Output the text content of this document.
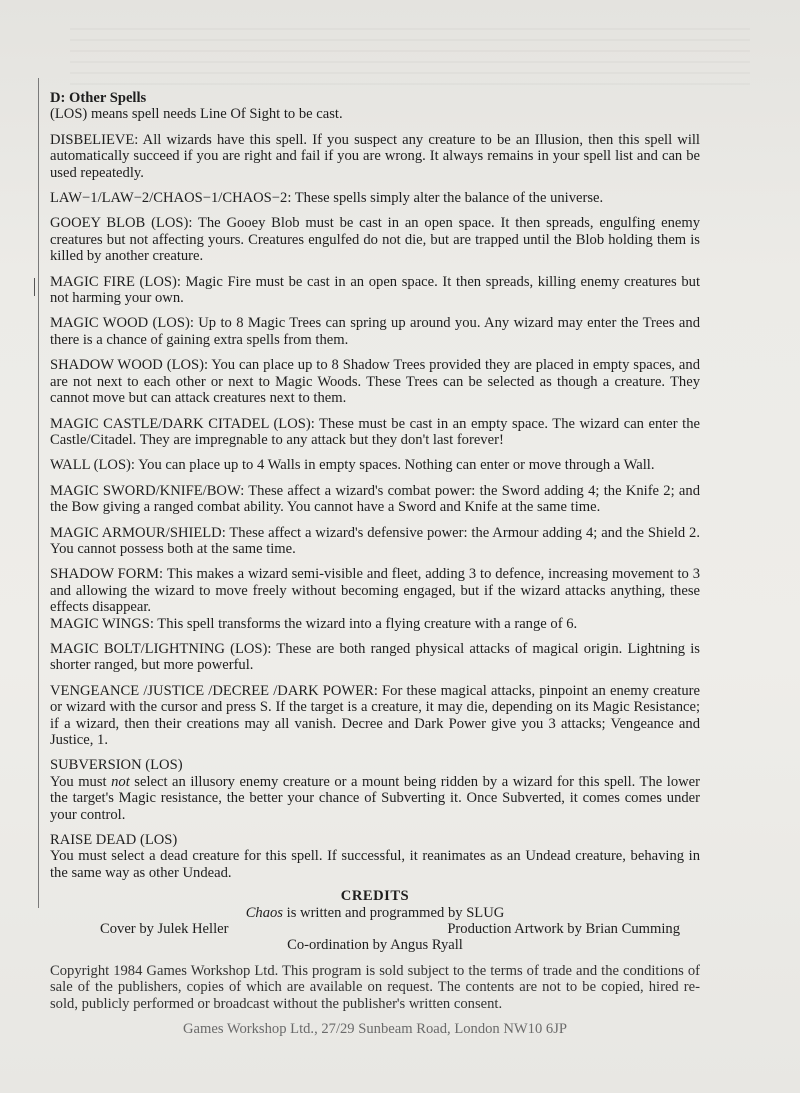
D: Other Spells

(LOS) means spell needs Line Of Sight to be cast.

DISBELIEVE: All wizards have this spell. If you suspect any creature to be an Illusion, then this spell will automatically succeed if you are right and fail if you are wrong. It always remains in your spell list and can be used repeatedly.

LAW−1/LAW−2/CHAOS−1/CHAOS−2: These spells simply alter the balance of the universe.

GOOEY BLOB (LOS): The Gooey Blob must be cast in an open space. It then spreads, engulfing enemy creatures but not affecting yours. Creatures engulfed do not die, but are trapped until the Blob holding them is killed by another creature.

MAGIC FIRE (LOS): Magic Fire must be cast in an open space. It then spreads, killing enemy creatures but not harming your own.

MAGIC WOOD (LOS): Up to 8 Magic Trees can spring up around you. Any wizard may enter the Trees and there is a chance of gaining extra spells from them.

SHADOW WOOD (LOS): You can place up to 8 Shadow Trees provided they are placed in empty spaces, and are not next to each other or next to Magic Woods. These Trees can be selected as though a creature. They cannot move but can attack creatures next to them.

MAGIC CASTLE/DARK CITADEL (LOS): These must be cast in an empty space. The wizard can enter the Castle/Citadel. They are impregnable to any attack but they don't last forever!

WALL (LOS): You can place up to 4 Walls in empty spaces. Nothing can enter or move through a Wall.

MAGIC SWORD/KNIFE/BOW: These affect a wizard's combat power: the Sword adding 4; the Knife 2; and the Bow giving a ranged combat ability. You cannot have a Sword and Knife at the same time.

MAGIC ARMOUR/SHIELD: These affect a wizard's defensive power: the Armour adding 4; and the Shield 2. You cannot possess both at the same time.

SHADOW FORM: This makes a wizard semi-visible and fleet, adding 3 to defence, increasing movement to 3 and allowing the wizard to move freely without becoming engaged, but if the wizard attacks anything, these effects disappear.

MAGIC WINGS: This spell transforms the wizard into a flying creature with a range of 6.

MAGIC BOLT/LIGHTNING (LOS): These are both ranged physical attacks of magical origin. Lightning is shorter ranged, but more powerful.

VENGEANCE /JUSTICE /DECREE /DARK POWER: For these magical attacks, pinpoint an enemy creature or wizard with the cursor and press S. If the target is a creature, it may die, depending on its Magic Resistance; if a wizard, then their creations may all vanish. Decree and Dark Power give you 3 attacks; Vengeance and Justice, 1.

SUBVERSION (LOS)
You must not select an illusory enemy creature or a mount being ridden by a wizard for this spell. The lower the target's Magic resistance, the better your chance of Subverting it. Once Subverted, it comes comes under your control.

RAISE DEAD (LOS)
You must select a dead creature for this spell. If successful, it reanimates as an Undead creature, behaving in the same way as other Undead.

CREDITS
Chaos is written and programmed by SLUG
Cover by Julek Heller	Production Artwork by Brian Cumming
Co-ordination by Angus Ryall

Copyright 1984 Games Workshop Ltd. This program is sold subject to the terms of trade and the conditions of sale of the publishers, copies of which are available on request. The contents are not to be copied, hired re-sold, publicly performed or broadcast without the publisher's written consent.

Games Workshop Ltd., 27/29 Sunbeam Road, London NW10 6JP
